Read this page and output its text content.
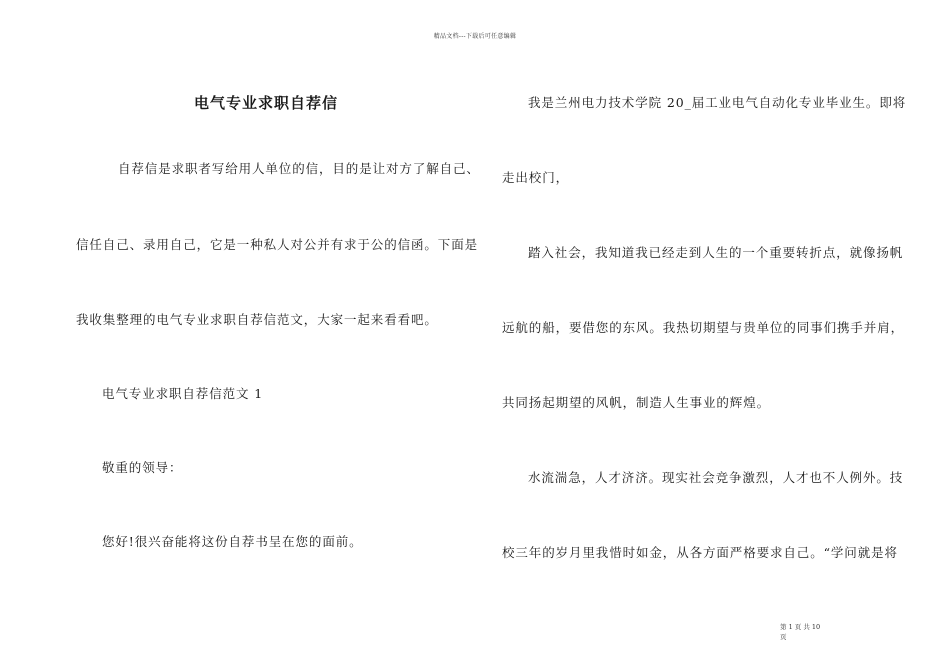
精品文档---下载后可任意编辑
电气专业求职自荐信
自荐信是求职者写给用人单位的信，目的是让对方了解自己、
信任自己、录用自己，它是一种私人对公并有求于公的信函。下面是
我收集整理的电气专业求职自荐信范文，大家一起来看看吧。
电气专业求职自荐信范文 1
敬重的领导：
您好!很兴奋能将这份自荐书呈在您的面前。
我是兰州电力技术学院 20_届工业电气自动化专业毕业生。即将
走出校门，
踏入社会，我知道我已经走到人生的一个重要转折点，就像扬帆
远航的船，要借您的东风。我热切期望与贵单位的同事们携手并肩，
共同扬起期望的风帆，制造人生事业的辉煌。
水流湍急，人才济济。现实社会竞争激烈，人才也不人例外。技
校三年的岁月里我惜时如金，从各方面严格要求自己。“学问就是将
第 1 页 共 10
页
